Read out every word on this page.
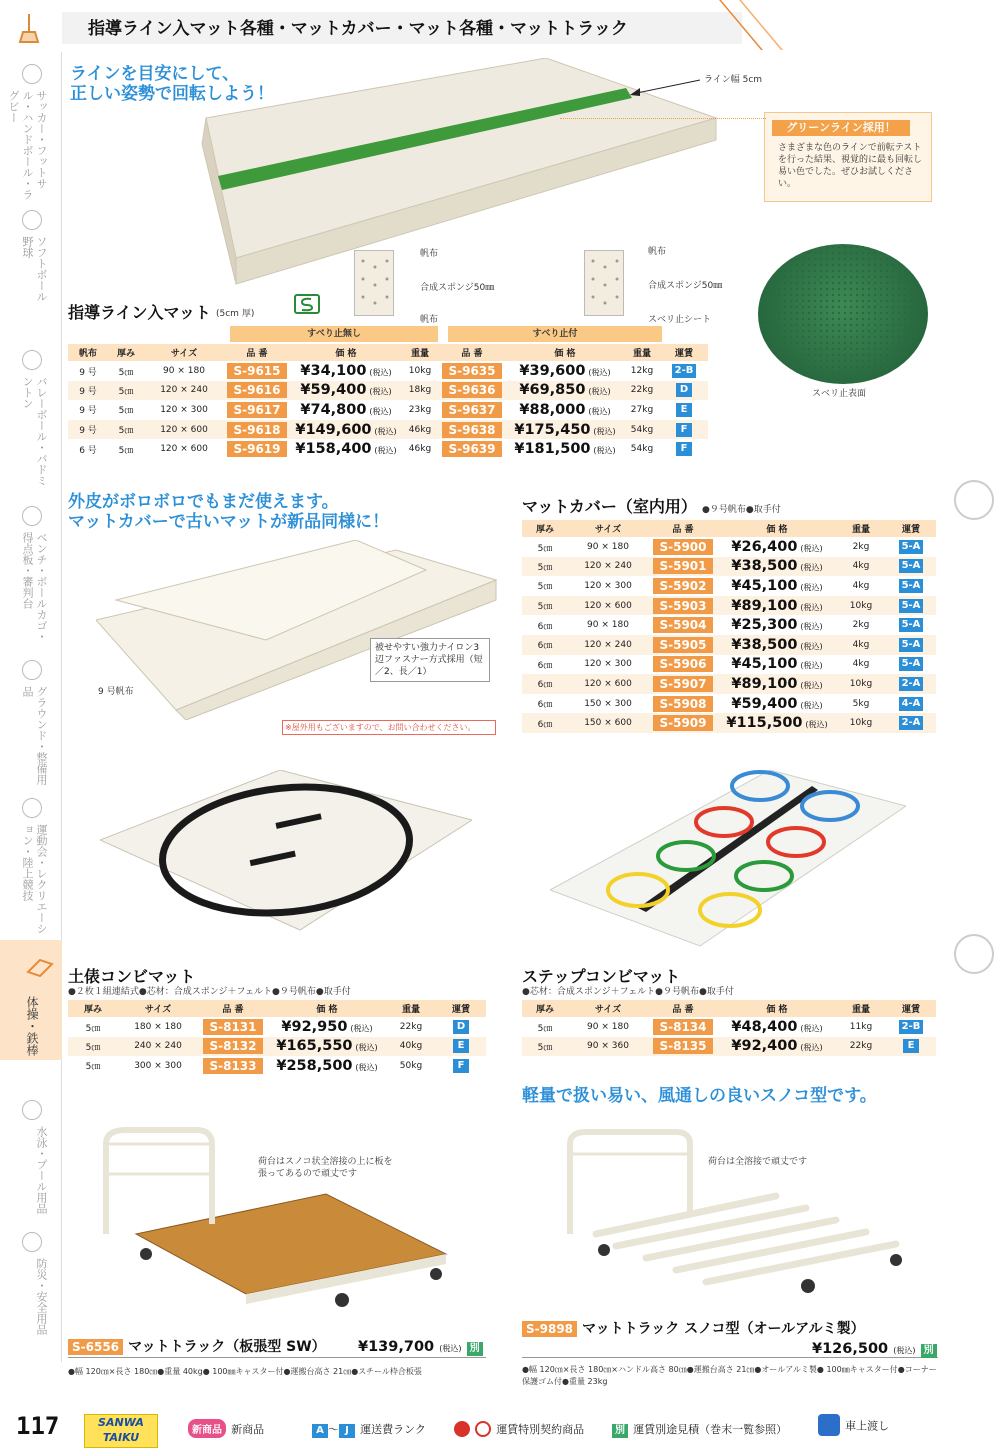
指導ライン入マット各種・マットカバー・マット各種・マットトラック
サッカー・フットサル・ハンドボール・ラグビー
ソフトボール 野球
バレーボール・バドミントン
ベンチ・ボールカゴ・得点板・審判台
グラウンド・整備用品
運動会・レクリエーション・陸上競技
体操・鉄棒
水泳・プール用品
防災・安全用品
ラインを目安にして、
正しい姿勢で回転しよう！
ライン幅 5cm
グリーンライン採用！
さまざまな色のラインで前転テストを行った結果、視覚的に最も回転し易い色でした。ぜひお試しください。
帆布
合成スポンジ50㎜
帆布
帆布
合成スポンジ50㎜
スベリ止シート
スベリ止表面
指導ライン入マット (5cm 厚)
すべり止無し	すべり止付
帆布	厚み	サイズ	品 番	価 格	重量	品 番	価 格	重量	運賃
9 号	5㎝	90 × 180	S-9615	¥34,100 (税込)	10kg	S-9635	¥39,600 (税込)	12kg	2-B
9 号	5㎝	120 × 240	S-9616	¥59,400 (税込)	18kg	S-9636	¥69,850 (税込)	22kg	D
9 号	5㎝	120 × 300	S-9617	¥74,800 (税込)	23kg	S-9637	¥88,000 (税込)	27kg	E
9 号	5㎝	120 × 600	S-9618	¥149,600 (税込)	46kg	S-9638	¥175,450 (税込)	54kg	F
6 号	5㎝	120 × 600	S-9619	¥158,400 (税込)	46kg	S-9639	¥181,500 (税込)	54kg	F
外皮がボロボロでもまだ使えます。
マットカバーで古いマットが新品同様に！
9 号帆布
被せやすい強力ナイロン3辺ファスナー方式採用（短／2、長／1）
※屋外用もございますので、お問い合わせください。
マットカバー（室内用） ●９号帆布●取手付
厚み	サイズ	品 番	価 格	重量	運賃
5㎝	90 × 180	S-5900	¥26,400 (税込)	2kg	5-A
5㎝	120 × 240	S-5901	¥38,500 (税込)	4kg	5-A
5㎝	120 × 300	S-5902	¥45,100 (税込)	4kg	5-A
5㎝	120 × 600	S-5903	¥89,100 (税込)	10kg	5-A
6㎝	90 × 180	S-5904	¥25,300 (税込)	2kg	5-A
6㎝	120 × 240	S-5905	¥38,500 (税込)	4kg	5-A
6㎝	120 × 300	S-5906	¥45,100 (税込)	4kg	5-A
6㎝	120 × 600	S-5907	¥89,100 (税込)	10kg	2-A
6㎝	150 × 300	S-5908	¥59,400 (税込)	5kg	4-A
6㎝	150 × 600	S-5909	¥115,500 (税込)	10kg	2-A
土俵コンビマット
●２枚１組連結式●芯材：合成スポンジ＋フェルト●９号帆布●取手付
厚み	サイズ	品 番	価 格	重量	運賃
5㎝	180 × 180	S-8131	¥92,950 (税込)	22kg	D
5㎝	240 × 240	S-8132	¥165,550 (税込)	40kg	E
5㎝	300 × 300	S-8133	¥258,500 (税込)	50kg	F
ステップコンビマット
●芯材：合成スポンジ＋フェルト●９号帆布●取手付
厚み	サイズ	品 番	価 格	重量	運賃
5㎝	90 × 180	S-8134	¥48,400 (税込)	11kg	2-B
5㎝	90 × 360	S-8135	¥92,400 (税込)	22kg	E
軽量で扱い易い、風通しの良いスノコ型です。
荷台はスノコ状全溶接の上に板を張ってあるので頑丈です
荷台は全溶接で頑丈です
S-6556 マットトラック（板張型 SW） ¥139,700 (税込) 別
●幅 120㎝×長さ 180㎝●重量 40kg● 100㎜キャスター付●運搬台高さ 21㎝●スチール枠合板張
S-9898 マットトラック スノコ型（オールアルミ製）
¥126,500 (税込) 別
●幅 120㎝×長さ 180㎝×ハンドル高さ 80㎝●運搬台高さ 21㎝●オールアルミ製● 100㎜キャスター付●コーナー保護ゴム付●重量 23kg
117	SANWA
TAIKU
新商品 新商品	A ～ J 運送費ランク	運賃特別契約商品	別 運賃別途見積（巻末一覧参照）	車上渡し
